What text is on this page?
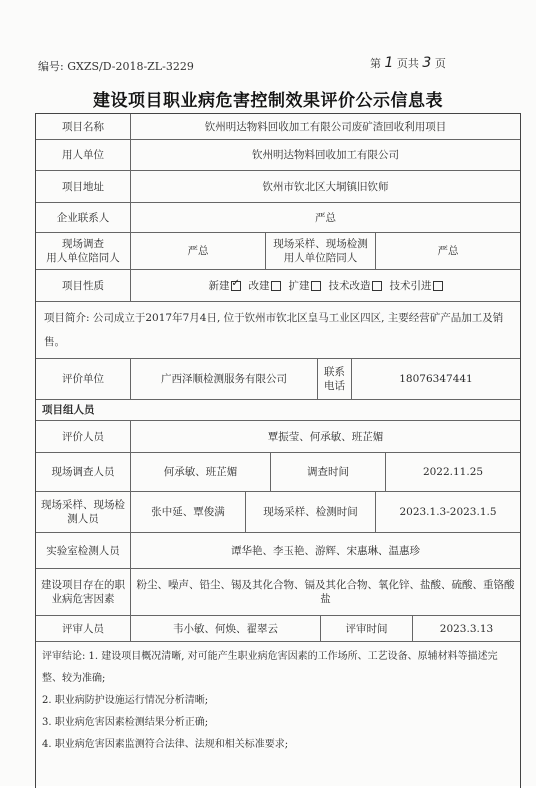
编号: GXZS/D-2018-ZL-3229	第 1 页共 3 页
建设项目职业病危害控制效果评价公示信息表
项目名称	钦州明达物料回收加工有限公司废矿渣回收利用项目
用人单位	钦州明达物料回收加工有限公司
项目地址	钦州市钦北区大垌镇旧钦师
企业联系人	严总
现场调查
用人单位陪同人
严总
现场采样、现场检测
用人单位陪同人
严总
项目性质	新建
✓ 改建 扩建 技术改造 技术引进
项目简介: 公司成立于2017年7月4日, 位于钦州市钦北区皇马工业区四区, 主要经营矿产品加工及销售。
评价单位	广西泽顺检测服务有限公司
联系
电话
18076347441
项目组人员
评价人员	覃振莹、何承敏、班芷媚
现场调查人员	何承敏、班芷媚	调查时间	2022.11.25
现场采样、现场检测人员
张中延、覃俊满	现场采样、检测时间	2023.1.3-2023.1.5
实验室检测人员	谭华艳、李玉艳、游辉、宋惠琳、温惠珍
建设项目存在的职业病危害因素
粉尘、噪声、铅尘、锡及其化合物、镉及其化合物、氧化锌、盐酸、硫酸、重铬酸盐
评审人员	韦小敏、何焕、翟翠云	评审时间	2023.3.13

评审结论: 1. 建设项目概况清晰, 对可能产生职业病危害因素的工作场所、工艺设备、原辅材料等描述完整、较为准确;

2. 职业病防护设施运行情况分析清晰;

3. 职业病危害因素检测结果分析正确;

4. 职业病危害因素监测符合法律、法规和相关标准要求;
